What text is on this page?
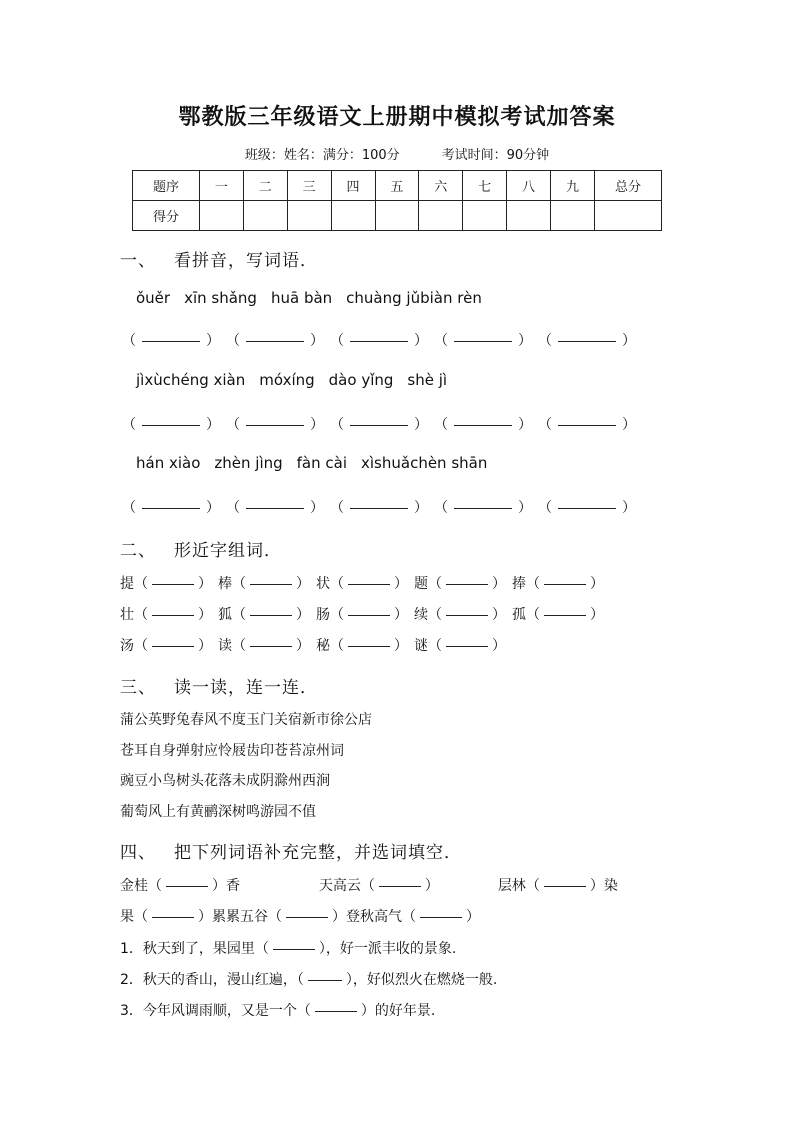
鄂教版三年级语文上册期中模拟考试加答案
班级：姓名：满分：100分	考试时间：90分钟
题序	一	二	三	四	五	六	七	八	九	总分
得分										
一、 看拼音，写词语．
ǒuěr xīn shǎng huā bàn chuàng jǔbiàn rèn
（	） （	） （	） （	） （	）
jìxùchéng xiàn móxíng dào yǐng shè jì
（	） （	） （	） （	） （	）
hán xiào zhèn jìng fàn cài xìshuǎchèn shān
（	） （	） （	） （	） （	）
二、 形近字组词．
提（	） 棒（	） 状（	） 题（	） 捧（	）
壮（	） 狐（	） 肠（	） 续（	） 孤（	）
汤（	） 读（	） 秘（	） 谜（	）
三、 读一读，连一连．
蒲公英野兔春风不度玉门关宿新市徐公店
苍耳自身弹射应怜屐齿印苍苔凉州词
豌豆小鸟树头花落未成阴滁州西涧
葡萄风上有黄鹂深树鸣游园不值
四、 把下列词语补充完整，并选词填空．
金桂（	）香	天高云（	）	层林（	）染
果（	）累累五谷（	）登秋高气（	）
1．秋天到了，果园里（	），好一派丰收的景象.
2．秋天的香山，漫山红遍，（	），好似烈火在燃烧一般.
3．今年风调雨顺，又是一个（	）的好年景.
